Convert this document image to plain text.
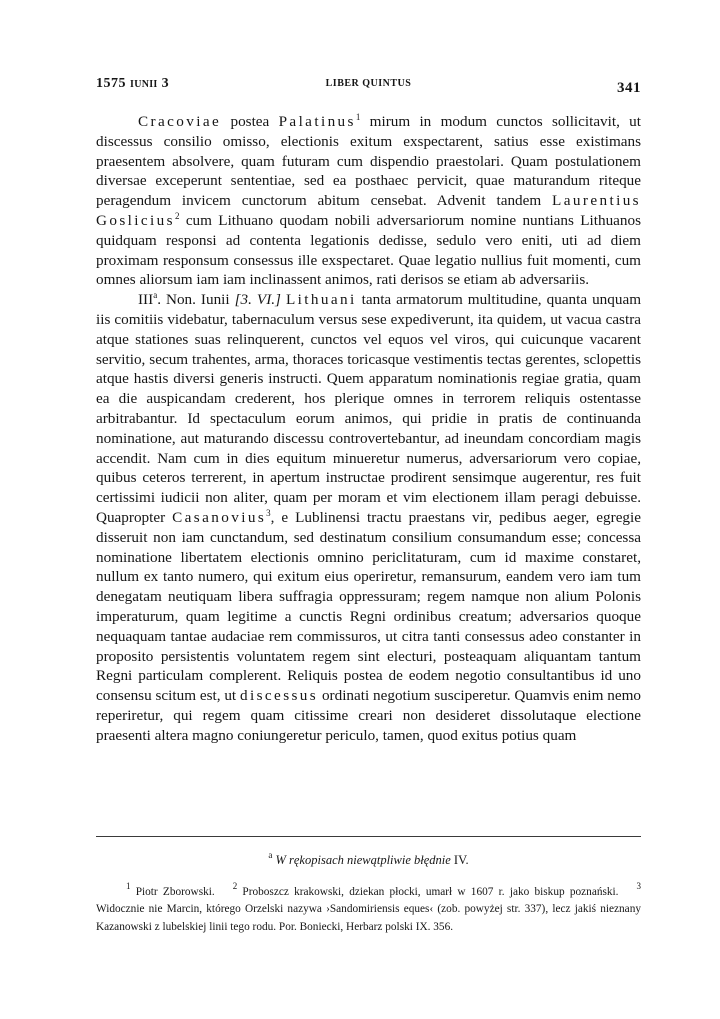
1575 IUNII 3	LIBER QUINTUS	341

Cracoviae postea Palatinus$^1$ mirum in modum cunctos sollicitavit, ut discessus consilio omisso, electionis exitum exspectarent, satius esse existimans praesentem absolvere, quam futuram cum dispendio praestolari. Quam postulationem diversae exceperunt sententiae, sed ea posthaec pervicit, quae maturandum riteque peragendum invicem cunctorum abitum censebat. Advenit tandem Laurentius Goslicius$^2$ cum Lithuano quodam nobili adversariorum nomine nuntians Lithuanos quidquam responsi ad contenta legationis dedisse, sedulo vero eniti, uti ad diem proximam responsum consessus ille exspectaret. Quae legatio nullius fuit momenti, cum omnes aliorsum iam iam inclinassent animos, rati derisos se etiam ab adversariis.

III$^a$. Non. Iunii [3. VI.] Lithuani tanta armatorum multitudine, quanta unquam iis comitiis videbatur, tabernaculum versus sese expediverunt, ita quidem, ut vacua castra atque stationes suas relinquerent, cunctos vel equos vel viros, qui cuicunque vacarent servitio, secum trahentes, arma, thoraces toricasque vestimentis tectas gerentes, sclopettis atque hastis diversi generis instructi. Quem apparatum nominationis regiae gratia, quam ea die auspicandam crederent, hos plerique omnes in terrorem reliquis ostentasse arbitrabantur. Id spectaculum eorum animos, qui pridie in pratis de continuanda nominatione, aut maturando discessu controvertebantur, ad ineundam concordiam magis accendit. Nam cum in dies equitum minueretur numerus, adversariorum vero copiae, quibus ceteros terrerent, in apertum instructae prodirent sensimque augerentur, res fuit certissimi iudicii non aliter, quam per moram et vim electionem illam peragi debuisse. Quapropter Casanovius$^3$, e Lublinensi tractu praestans vir, pedibus aeger, egregie disseruit non iam cunctandum, sed destinatum consilium consumandum esse; concessa nominatione libertatem electionis omnino periclitaturam, cum id maxime constaret, nullum ex tanto numero, qui exitum eius operiretur, remansurum, eandem vero iam tum denegatam neutiquam libera suffragia oppressuram; regem namque non alium Polonis imperaturum, quam legitime a cunctis Regni ordinibus creatum; adversarios quoque nequaquam tantae audaciae rem commissuros, ut citra tanti consessus adeo constanter in proposito persistentis voluntatem regem sint electuri, posteaquam aliquantam tantum Regni particulam complerent. Reliquis postea de eodem negotio consultantibus id uno consensu scitum est, ut discessus ordinati negotium susciperetur. Quamvis enim nemo reperiretur, qui regem quam citissime creari non desideret dissolutaque electione praesenti altera magno coniungeretur periculo, tamen, quod exitus potius quam

$^a$ W rękopisach niewątpliwie błędnie IV.

$^1$ Piotr Zborowski. $^2$ Proboszcz krakowski, dziekan płocki, umarł w 1607 r. jako biskup poznański. $^3$ Widocznie nie Marcin, którego Orzelski nazywa ›Sandomiriensis eques‹ (zob. powyżej str. 337), lecz jakiś nieznany Kazanowski z lubelskiej linii tego rodu. Por. Boniecki, Herbarz polski IX. 356.
